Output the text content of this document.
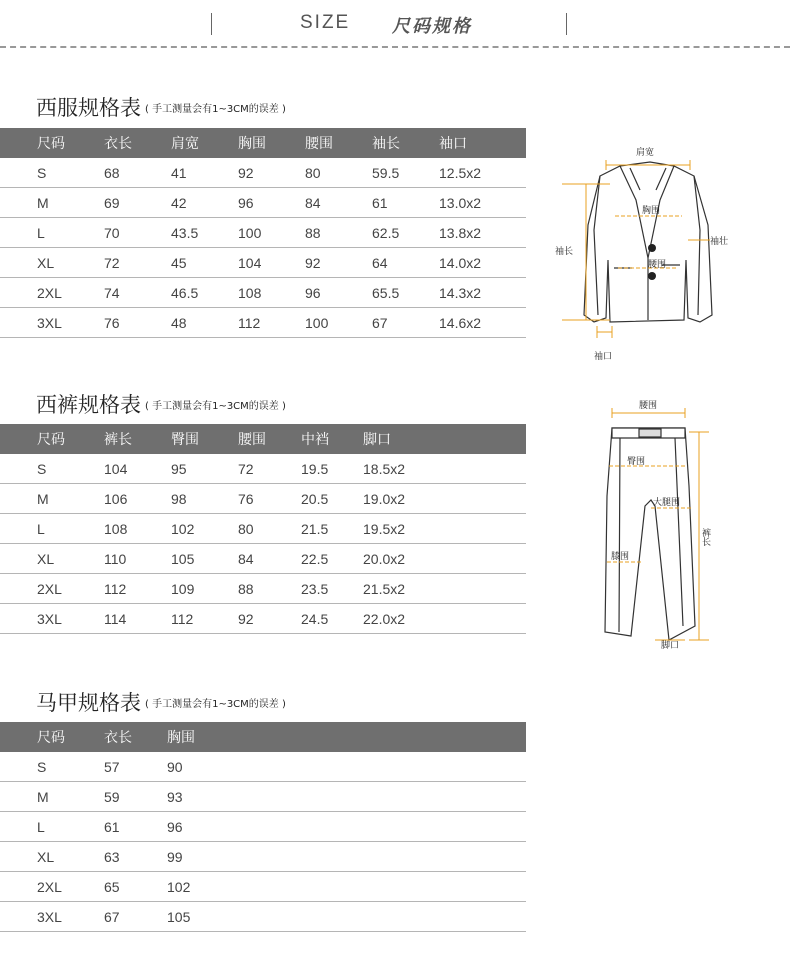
SIZE 尺码规格
西服规格表 ( 手工测量会有1~3CM的误差 )
尺码	衣长	肩宽	胸围	腰围	袖长	袖口
S	68	41	92	80	59.5	12.5x2
M	69	42	96	84	61	13.0x2
L	70	43.5	100	88	62.5	13.8x2
XL	72	45	104	92	64	14.0x2
2XL	74	46.5	108	96	65.5	14.3x2
3XL	76	48	112	100	67	14.6x2
西裤规格表 ( 手工测量会有1~3CM的误差 )
尺码	裤长	臀围	腰围	中裆	脚口
S	104	95	72	19.5	18.5x2
M	106	98	76	20.5	19.0x2
L	108	102	80	21.5	19.5x2
XL	110	105	84	22.5	20.0x2
2XL	112	109	88	23.5	21.5x2
3XL	114	112	92	24.5	22.0x2
马甲规格表 ( 手工测量会有1~3CM的误差 )
尺码	衣长	胸围
S	57	90
M	59	93
L	61	96
XL	63	99
2XL	65	102
3XL	67	105
肩宽
胸围
腰围
袖长
袖壮
袖口
腰围
臀围
大腿围
膝围
脚口
裤长
